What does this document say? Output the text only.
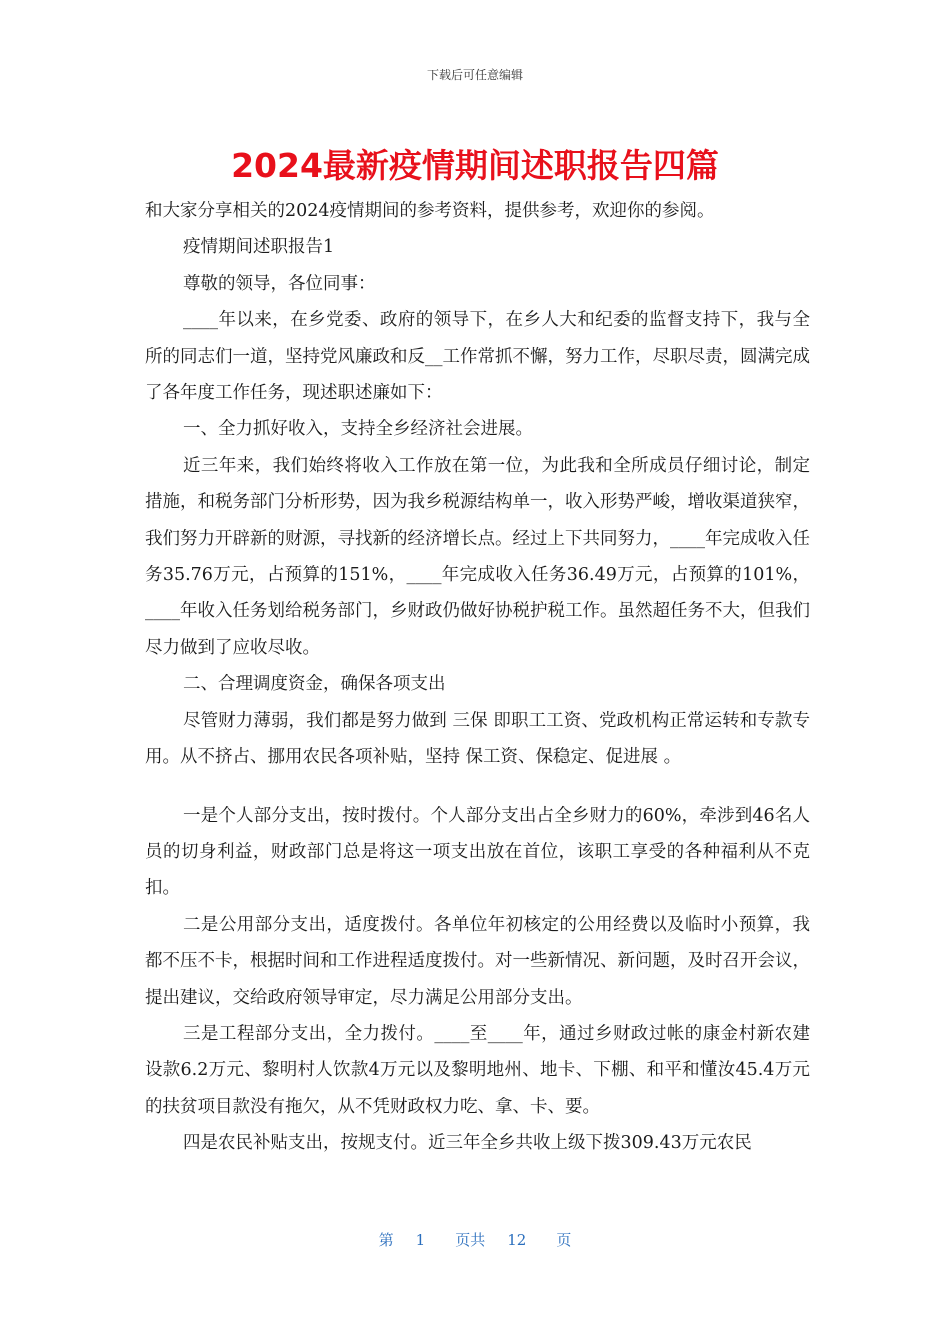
下载后可任意编辑
2024最新疫情期间述职报告四篇

和大家分享相关的2024疫情期间的参考资料，提供参考，欢迎你的参阅。

疫情期间述职报告1

尊敬的领导，各位同事：

____年以来，在乡党委、政府的领导下，在乡人大和纪委的监督支持下，我与全所的同志们一道，坚持党风廉政和反__工作常抓不懈，努力工作，尽职尽责，圆满完成了各年度工作任务，现述职述廉如下：

一、全力抓好收入，支持全乡经济社会进展。

近三年来，我们始终将收入工作放在第一位，为此我和全所成员仔细讨论，制定措施，和税务部门分析形势，因为我乡税源结构单一，收入形势严峻，增收渠道狭窄，我们努力开辟新的财源，寻找新的经济增长点。经过上下共同努力，____年完成收入任务35.76万元，占预算的151%，____年完成收入任务36.49万元，占预算的101%，____年收入任务划给税务部门，乡财政仍做好协税护税工作。虽然超任务不大，但我们尽力做到了应收尽收。

二、合理调度资金，确保各项支出

尽管财力薄弱，我们都是努力做到 三保 即职工工资、党政机构正常运转和专款专用。从不挤占、挪用农民各项补贴，坚持 保工资、保稳定、促进展 。

一是个人部分支出，按时拨付。个人部分支出占全乡财力的60%，牵涉到46名人员的切身利益，财政部门总是将这一项支出放在首位，该职工享受的各种福利从不克扣。

二是公用部分支出，适度拨付。各单位年初核定的公用经费以及临时小预算，我都不压不卡，根据时间和工作进程适度拨付。对一些新情况、新问题，及时召开会议，提出建议，交给政府领导审定，尽力满足公用部分支出。

三是工程部分支出，全力拨付。____至____年，通过乡财政过帐的康金村新农建设款6.2万元、黎明村人饮款4万元以及黎明地州、地卡、下棚、和平和懂汝45.4万元的扶贫项目款没有拖欠，从不凭财政权力吃、拿、卡、要。

四是农民补贴支出，按规支付。近三年全乡共收上级下拨309.43万元农民

第 1 页共 12 页
